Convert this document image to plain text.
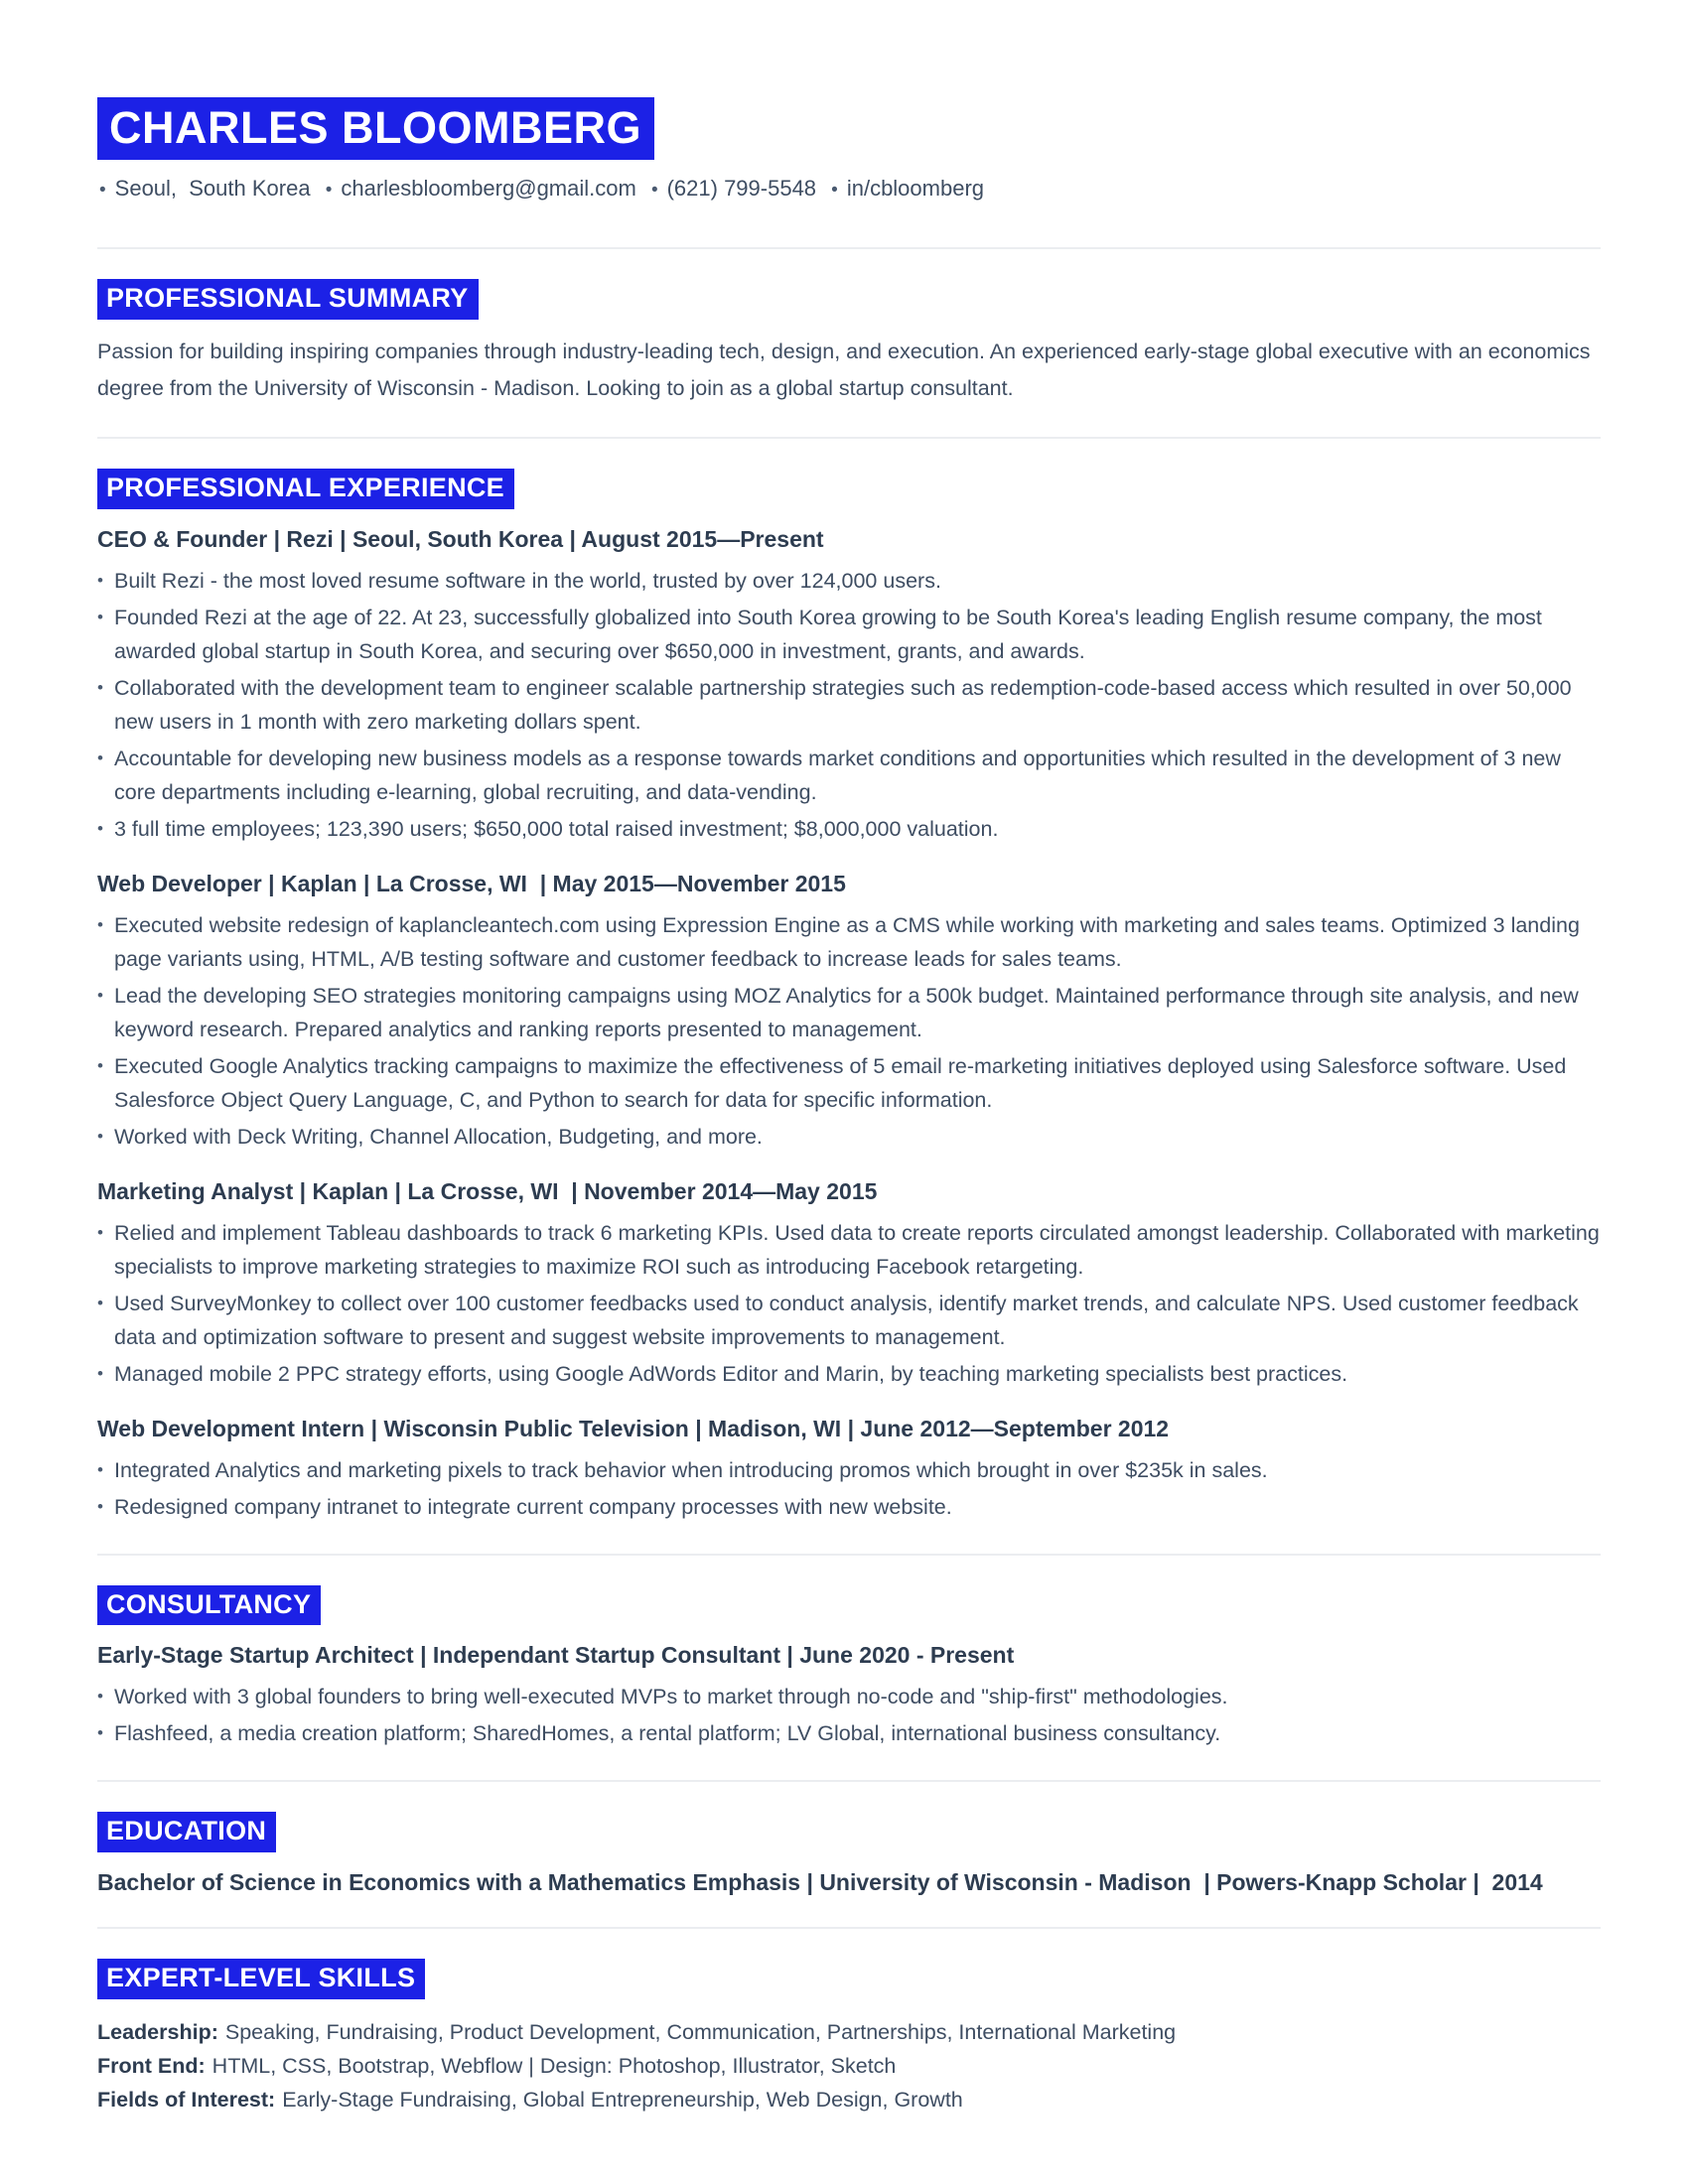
CHARLES BLOOMBERG
• Seoul,  South Korea • charlesbloomberg@gmail.com • (621) 799-5548 • in/cbloomberg
PROFESSIONAL SUMMARY

Passion for building inspiring companies through industry-leading tech, design, and execution. An experienced early-stage global executive with an economics degree from the University of Wisconsin - Madison. Looking to join as a global startup consultant.

PROFESSIONAL EXPERIENCE
CEO & Founder | Rezi | Seoul, South Korea | August 2015—Present
• Built Rezi - the most loved resume software in the world, trusted by over 124,000 users.
• Founded Rezi at the age of 22. At 23, successfully globalized into South Korea growing to be South Korea's leading English resume company, the most awarded global startup in South Korea, and securing over $650,000 in investment, grants, and awards.
• Collaborated with the development team to engineer scalable partnership strategies such as redemption-code-based access which resulted in over 50,000 new users in 1 month with zero marketing dollars spent.
• Accountable for developing new business models as a response towards market conditions and opportunities which resulted in the development of 3 new core departments including e-learning, global recruiting, and data-vending.
• 3 full time employees; 123,390 users; $650,000 total raised investment; $8,000,000 valuation.
Web Developer | Kaplan | La Crosse, WI  | May 2015—November 2015
• Executed website redesign of kaplancleantech.com using Expression Engine as a CMS while working with marketing and sales teams. Optimized 3 landing page variants using, HTML, A/B testing software and customer feedback to increase leads for sales teams.
• Lead the developing SEO strategies monitoring campaigns using MOZ Analytics for a 500k budget. Maintained performance through site analysis, and new keyword research. Prepared analytics and ranking reports presented to management.
• Executed Google Analytics tracking campaigns to maximize the effectiveness of 5 email re-marketing initiatives deployed using Salesforce software. Used Salesforce Object Query Language, C, and Python to search for data for specific information.
• Worked with Deck Writing, Channel Allocation, Budgeting, and more.
Marketing Analyst | Kaplan | La Crosse, WI  | November 2014—May 2015
• Relied and implement Tableau dashboards to track 6 marketing KPIs. Used data to create reports circulated amongst leadership. Collaborated with marketing specialists to improve marketing strategies to maximize ROI such as introducing Facebook retargeting.
• Used SurveyMonkey to collect over 100 customer feedbacks used to conduct analysis, identify market trends, and calculate NPS. Used customer feedback data and optimization software to present and suggest website improvements to management.
• Managed mobile 2 PPC strategy efforts, using Google AdWords Editor and Marin, by teaching marketing specialists best practices.
Web Development Intern | Wisconsin Public Television | Madison, WI | June 2012—September 2012
• Integrated Analytics and marketing pixels to track behavior when introducing promos which brought in over $235k in sales.
• Redesigned company intranet to integrate current company processes with new website.
CONSULTANCY
Early-Stage Startup Architect | Independant Startup Consultant | June 2020 - Present
• Worked with 3 global founders to bring well-executed MVPs to market through no-code and "ship-first" methodologies.
• Flashfeed, a media creation platform; SharedHomes, a rental platform; LV Global, international business consultancy.
EDUCATION

Bachelor of Science in Economics with a Mathematics Emphasis | University of Wisconsin - Madison  | Powers-Knapp Scholar |  2014

EXPERT-LEVEL SKILLS

Leadership: Speaking, Fundraising, Product Development, Communication, Partnerships, International Marketing

Front End: HTML, CSS, Bootstrap, Webflow | Design: Photoshop, Illustrator, Sketch

Fields of Interest: Early-Stage Fundraising, Global Entrepreneurship, Web Design, Growth
